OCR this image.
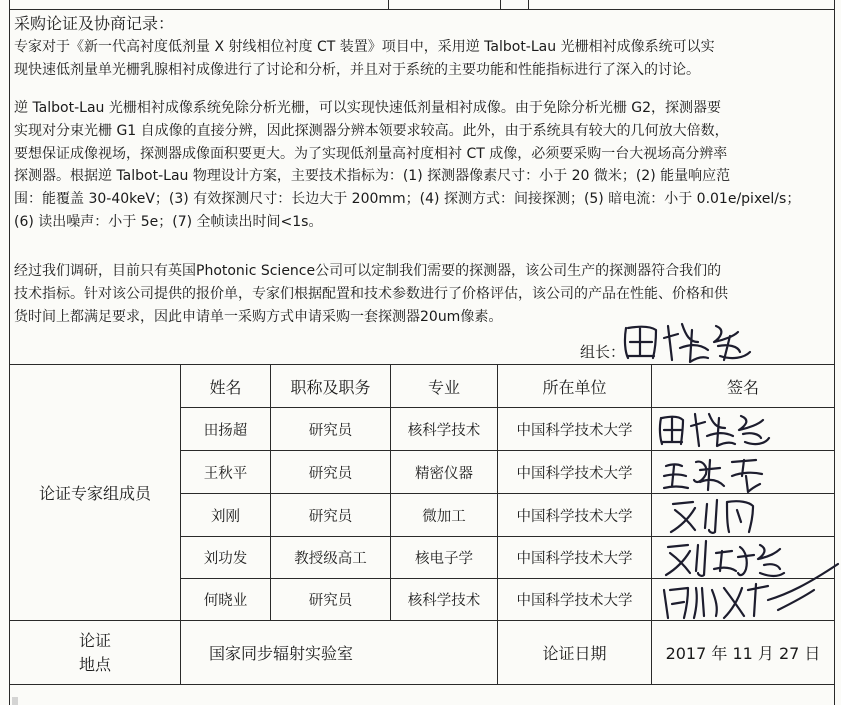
采购论证及协商记录：
专家对于《新一代高衬度低剂量 X 射线相位衬度 CT 装置》项目中，采用逆 Talbot-Lau 光栅相衬成像系统可以实
现快速低剂量单光栅乳腺相衬成像进行了讨论和分析，并且对于系统的主要功能和性能指标进行了深入的讨论。
逆 Talbot-Lau 光栅相衬成像系统免除分析光栅，可以实现快速低剂量相衬成像。由于免除分析光栅 G2，探测器要
实现对分束光栅 G1 自成像的直接分辨，因此探测器分辨本领要求较高。此外，由于系统具有较大的几何放大倍数，
要想保证成像视场，探测器成像面积要更大。为了实现低剂量高衬度相衬 CT 成像，必须要采购一台大视场高分辨率
探测器。根据逆 Talbot-Lau 物理设计方案，主要技术指标为：(1) 探测器像素尺寸：小于 20 微米；(2) 能量响应范
围：能覆盖 30-40keV；(3) 有效探测尺寸：长边大于 200mm；(4) 探测方式：间接探测；(5) 暗电流：小于 0.01e/pixel/s；
(6) 读出噪声：小于 5e；(7) 全帧读出时间<1s。
经过我们调研，目前只有英国Photonic Science公司可以定制我们需要的探测器，该公司生产的探测器符合我们的
技术指标。针对该公司提供的报价单，专家们根据配置和技术参数进行了价格评估，该公司的产品在性能、价格和供
货时间上都满足要求，因此申请单一采购方式申请采购一套探测器20um像素。
组长：
论证专家组成员
姓名	职称及职务	专业	所在单位	签名
田扬超	研究员	核科学技术	中国科学技术大学
王秋平	研究员	精密仪器	中国科学技术大学
刘刚	研究员	微加工	中国科学技术大学
刘功发	教授级高工	核电子学	中国科学技术大学
何晓业	研究员	核科学技术	中国科学技术大学
论证
地点
国家同步辐射实验室	论证日期	2017 年 11 月 27 日
